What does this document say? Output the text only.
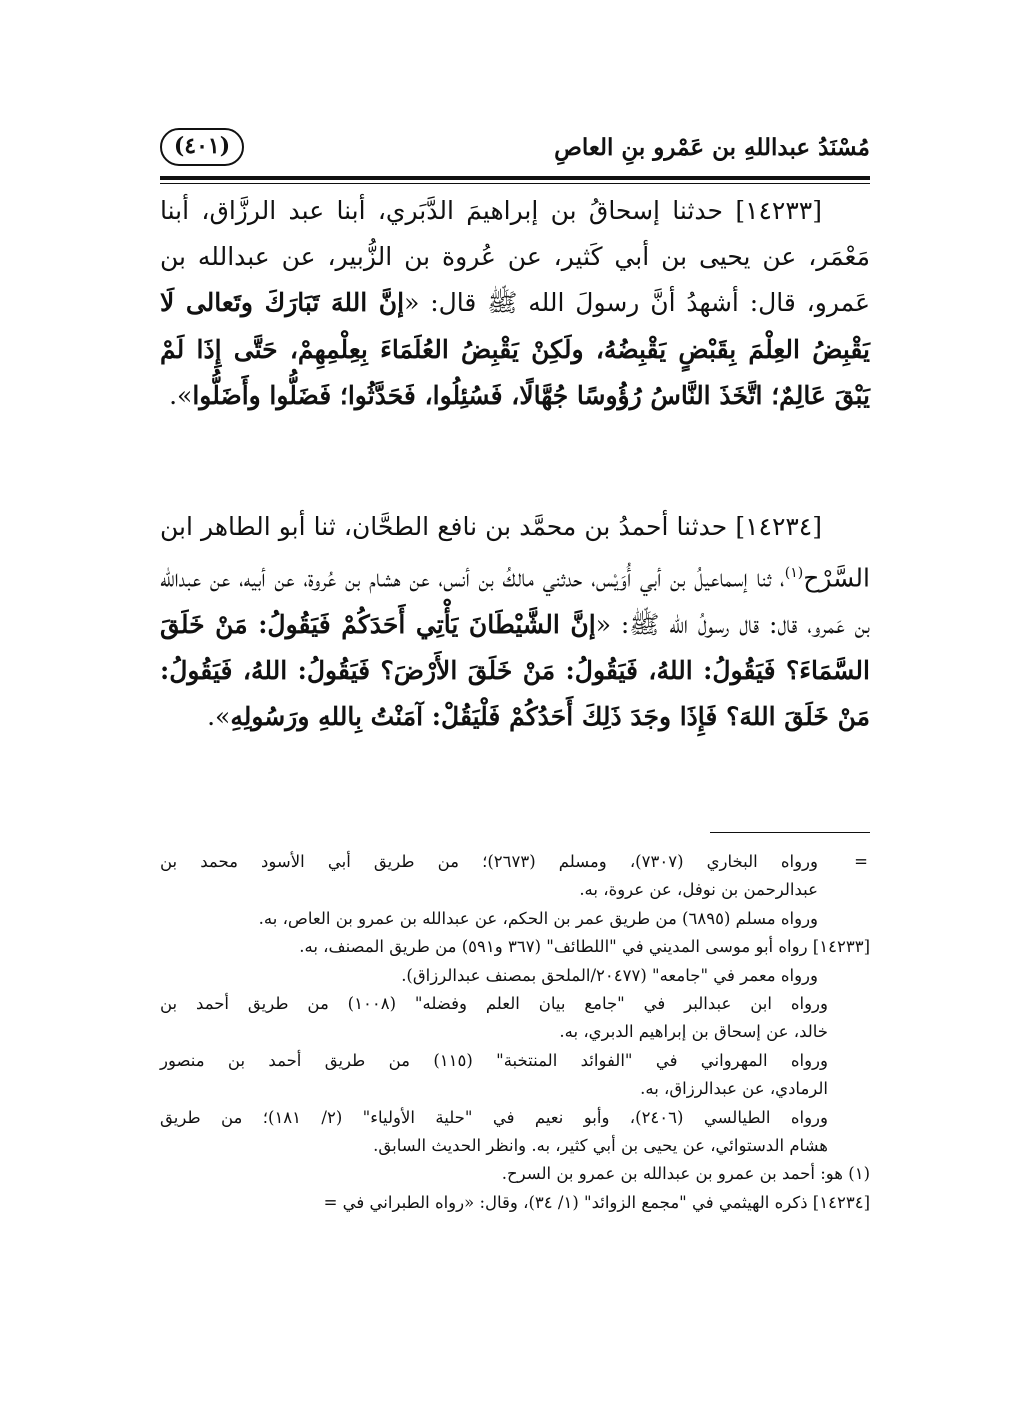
مُسْنَدُ عبداللهِ بن عَمْرو بنِ العاصِ
(٤٠١)
[١٤٢٣٣] حدثنا إسحاقُ بن إبراهيمَ الدَّبَري، أبنا عبد الرزَّاق، أبنا مَعْمَر، عن يحيى بن أبي كَثير، عن عُروة بن الزُّبير، عن عبدالله بن عَمرو، قال: أشهدُ أنَّ رسولَ الله ﷺ قال: «إنَّ اللهَ تَبَارَكَ وتَعالى لَا يَقْبِضُ العِلْمَ بِقَبْضٍ يَقْبِضُهُ، ولَكِنْ يَقْبِضُ العُلَمَاءَ بِعِلْمِهِمْ، حَتَّى إِذَا لَمْ يَبْقَ عَالِمٌ؛ اتَّخَذَ النَّاسُ رُؤُوسًا جُهَّالًا، فَسُئِلُوا، فَحَدَّثُوا؛ فَضَلُّوا وأَضَلُّوا».
[١٤٢٣٤] حدثنا أحمدُ بن محمَّد بن نافع الطحَّان، ثنا أبو الطاهر ابن السَّرْح$^{(١)}$، ثنا إسماعيلُ بن أبي أُوَيْس، حدثني مالكُ بن أنس، عن هشام بن عُروة، عن أبيه، عن عبدالله بن عَمرو، قال: قال رسولُ الله ﷺ: «إنَّ الشَّيْطَانَ يَأْتِي أَحَدَكُمْ فَيَقُولُ: مَنْ خَلَقَ السَّمَاءَ؟ فَيَقُولُ: اللهُ، فَيَقُولُ: مَنْ خَلَقَ الأَرْضَ؟ فَيَقُولُ: اللهُ، فَيَقُولُ: مَنْ خَلَقَ اللهَ؟ فَإِذَا وجَدَ ذَلِكَ أَحَدُكُمْ فَلْيَقُلْ: آمَنْتُ بِاللهِ ورَسُولِهِ».
=
ورواه البخاري (٧٣٠٧)، ومسلم (٢٦٧٣)؛ من طريق أبي الأسود محمد بن
عبدالرحمن بن نوفل، عن عروة، به.
ورواه مسلم (٦٨٩٥) من طريق عمر بن الحكم، عن عبدالله بن عمرو بن العاص، به.
[١٤٢٣٣] رواه أبو موسى المديني في "اللطائف" (٣٦٧ و٥٩١) من طريق المصنف، به.
ورواه معمر في "جامعه" (٢٠٤٧٧/الملحق بمصنف عبدالرزاق).
ورواه ابن عبدالبر في "جامع بيان العلم وفضله" (١٠٠٨) من طريق أحمد بن
خالد، عن إسحاق بن إبراهيم الدبري، به.
ورواه المهرواني في "الفوائد المنتخبة" (١١٥) من طريق أحمد بن منصور
الرمادي، عن عبدالرزاق، به.
ورواه الطيالسي (٢٤٠٦)، وأبو نعيم في "حلية الأولياء" (٢/ ١٨١)؛ من طريق
هشام الدستوائي، عن يحيى بن أبي كثير، به. وانظر الحديث السابق.
(١) هو: أحمد بن عمرو بن عبدالله بن عمرو بن السرح.
[١٤٢٣٤] ذكره الهيثمي في "مجمع الزوائد" (١/ ٣٤)، وقال: «رواه الطبراني في =
